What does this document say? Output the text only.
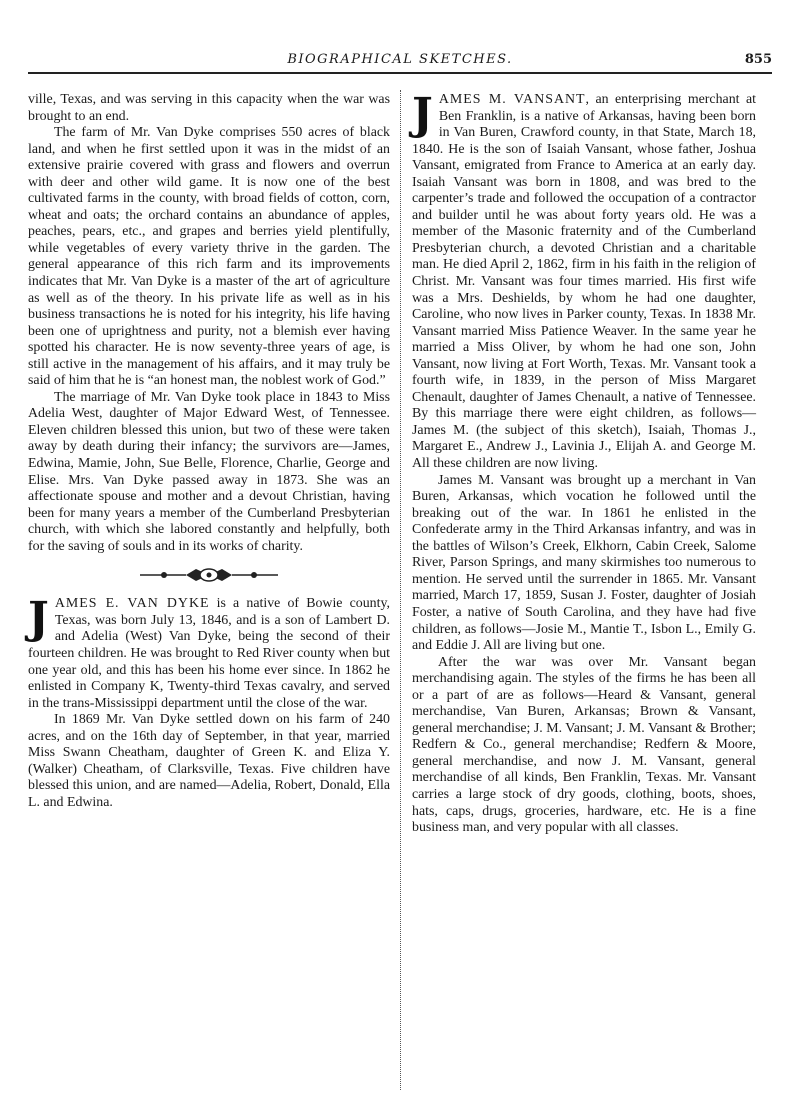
BIOGRAPHICAL SKETCHES.	855

ville, Texas, and was serving in this capacity when the war was brought to an end.

The farm of Mr. Van Dyke comprises 550 acres of black land, and when he first settled upon it was in the midst of an extensive prairie covered with grass and flowers and overrun with deer and other wild game. It is now one of the best cultivated farms in the county, with broad fields of cotton, corn, wheat and oats; the orchard contains an abundance of apples, peaches, pears, etc., and grapes and berries yield plentifully, while vegetables of every variety thrive in the garden. The general appearance of this rich farm and its improvements indicates that Mr. Van Dyke is a master of the art of agriculture as well as of the theory. In his private life as well as in his business transactions he is noted for his integrity, his life having been one of uprightness and purity, not a blemish ever having spotted his character. He is now seventy-three years of age, is still active in the management of his affairs, and it may truly be said of him that he is “an honest man, the noblest work of God.”

The marriage of Mr. Van Dyke took place in 1843 to Miss Adelia West, daughter of Major Edward West, of Tennessee. Eleven children blessed this union, but two of these were taken away by death during their infancy; the survivors are—James, Edwina, Mamie, John, Sue Belle, Florence, Charlie, George and Elise. Mrs. Van Dyke passed away in 1873. She was an affectionate spouse and mother and a devout Christian, having been for many years a member of the Cumberland Presbyterian church, with which she labored constantly and helpfully, both for the saving of souls and in its works of charity.

JAMES E. VAN DYKE is a native of Bowie county, Texas, was born July 13, 1846, and is a son of Lambert D. and Adelia (West) Van Dyke, being the second of their fourteen children. He was brought to Red River county when but one year old, and this has been his home ever since. In 1862 he enlisted in Company K, Twenty-third Texas cavalry, and served in the trans-Mississippi department until the close of the war.

In 1869 Mr. Van Dyke settled down on his farm of 240 acres, and on the 16th day of September, in that year, married Miss Swann Cheatham, daughter of Green K. and Eliza Y. (Walker) Cheatham, of Clarksville, Texas. Five children have blessed this union, and are named—Adelia, Robert, Donald, Ella L. and Edwina.

JAMES M. VANSANT, an enterprising merchant at Ben Franklin, is a native of Arkansas, having been born in Van Buren, Crawford county, in that State, March 18, 1840. He is the son of Isaiah Vansant, whose father, Joshua Vansant, emigrated from France to America at an early day. Isaiah Vansant was born in 1808, and was bred to the carpenter’s trade and followed the occupation of a contractor and builder until he was about forty years old. He was a member of the Masonic fraternity and of the Cumberland Presbyterian church, a devoted Christian and a charitable man. He died April 2, 1862, firm in his faith in the religion of Christ. Mr. Vansant was four times married. His first wife was a Mrs. Deshields, by whom he had one daughter, Caroline, who now lives in Parker county, Texas. In 1838 Mr. Vansant married Miss Patience Weaver. In the same year he married a Miss Oliver, by whom he had one son, John Vansant, now living at Fort Worth, Texas. Mr. Vansant took a fourth wife, in 1839, in the person of Miss Margaret Chenault, daughter of James Chenault, a native of Tennessee. By this marriage there were eight children, as follows—James M. (the subject of this sketch), Isaiah, Thomas J., Margaret E., Andrew J., Lavinia J., Elijah A. and George M. All these children are now living.

James M. Vansant was brought up a merchant in Van Buren, Arkansas, which vocation he followed until the breaking out of the war. In 1861 he enlisted in the Confederate army in the Third Arkansas infantry, and was in the battles of Wilson’s Creek, Elkhorn, Cabin Creek, Salome River, Parson Springs, and many skirmishes too numerous to mention. He served until the surrender in 1865. Mr. Vansant married, March 17, 1859, Susan J. Foster, daughter of Josiah Foster, a native of South Carolina, and they have had five children, as follows—Josie M., Mantie T., Isbon L., Emily G. and Eddie J. All are living but one.

After the war was over Mr. Vansant began merchandising again. The styles of the firms he has been all or a part of are as follows—Heard & Vansant, general merchandise, Van Buren, Arkansas; Brown & Vansant, general merchandise; J. M. Vansant; J. M. Vansant & Brother; Redfern & Co., general merchandise; Redfern & Moore, general merchandise, and now J. M. Vansant, general merchandise of all kinds, Ben Franklin, Texas. Mr. Vansant carries a large stock of dry goods, clothing, boots, shoes, hats, caps, drugs, groceries, hardware, etc. He is a fine business man, and very popular with all classes.
